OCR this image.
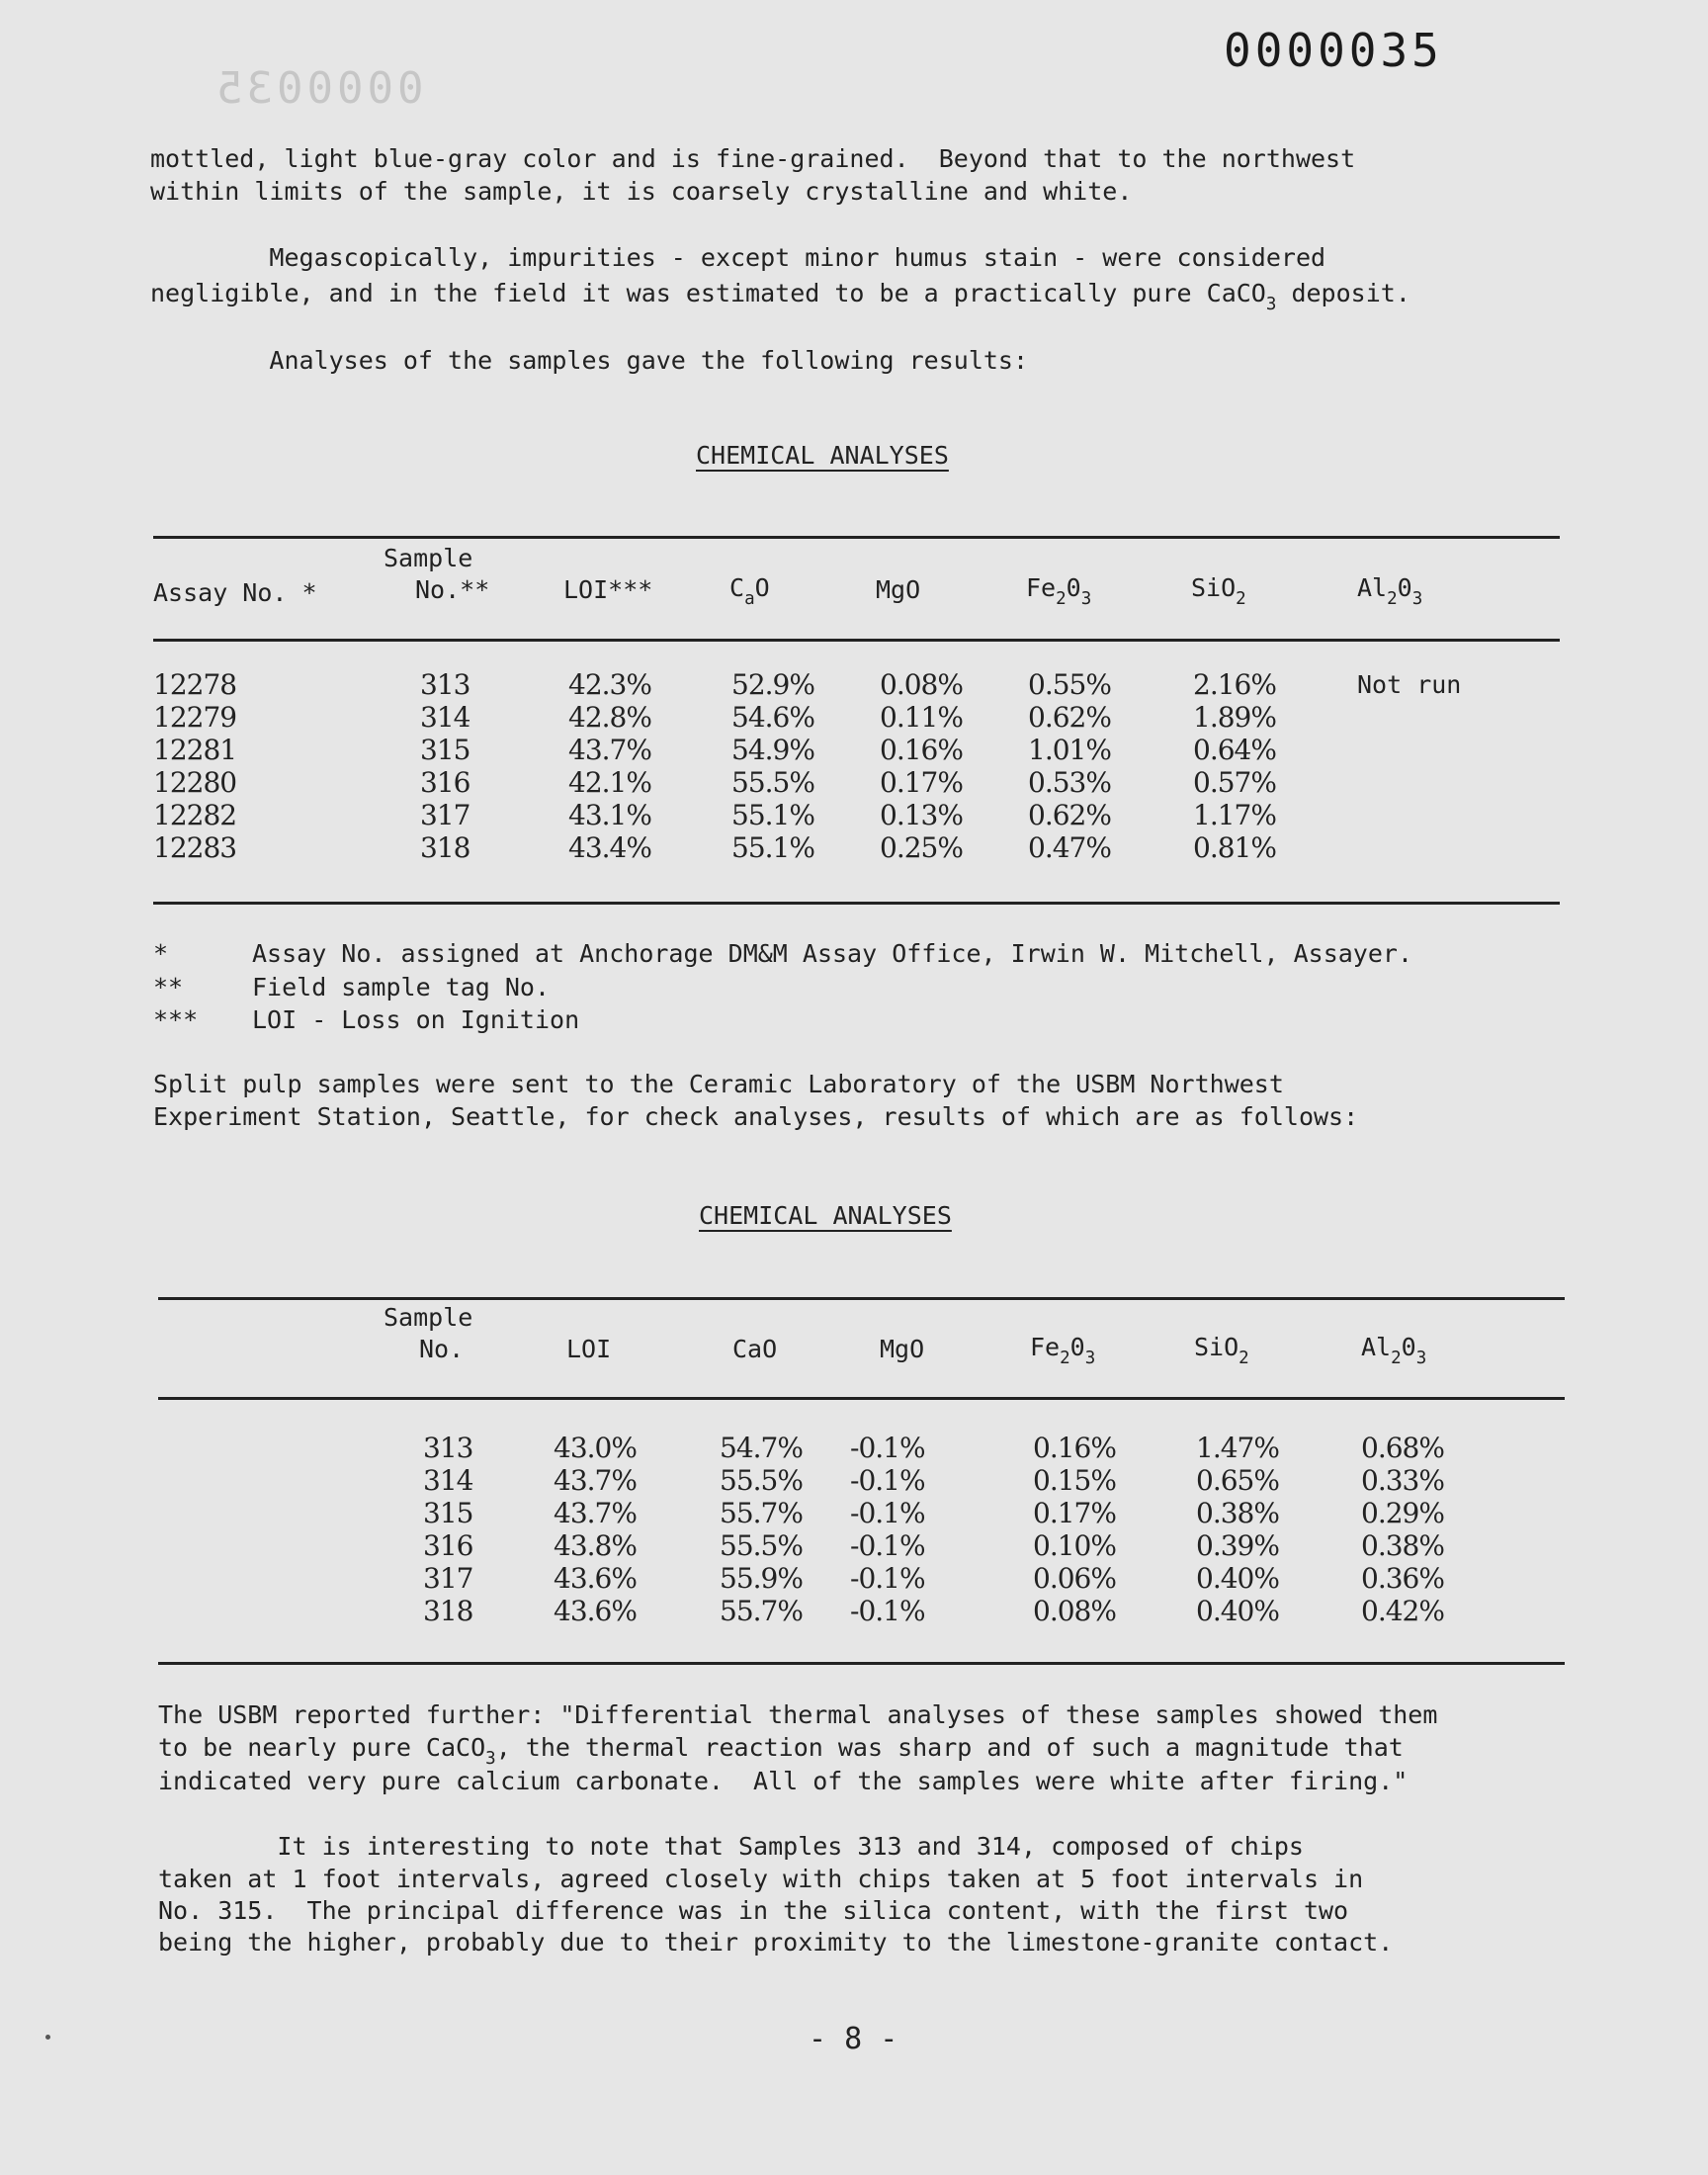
0000035
0000035
mottled, light blue-gray color and is fine-grained.  Beyond that to the northwest
within limits of the sample, it is coarsely crystalline and white.
Megascopically, impurities - except minor humus stain - were considered
negligible, and in the field it was estimated to be a practically pure CaCO$_3$ deposit.
Analyses of the samples gave the following results:
CHEMICAL ANALYSES
Assay No. *
Sample
No.**	LOI***	$C_aO$	MgO	$Fe_20_3$	SiO$_2$	$Al_20_3$
12278	313	42.3%	52.9% 0.08% 0.55%	2.16%	Not run
12279	314	42.8%	54.6% 0.11% 0.62%	1.89%
12281	315	43.7%	54.9% 0.16% 1.01%	0.64%
12280	316	42.1%	55.5% 0.17% 0.53%	0.57%
12282	317	43.1%	55.1% 0.13% 0.62%	1.17%
12283	318	43.4%	55.1% 0.25% 0.47%	0.81%
*	Assay No. assigned at Anchorage DM&M Assay Office, Irwin W. Mitchell, Assayer.
**	Field sample tag No.
*** LOI - Loss on Ignition
Split pulp samples were sent to the Ceramic Laboratory of the USBM Northwest
Experiment Station, Seattle, for check analyses, results of which are as follows:
CHEMICAL ANALYSES
Sample
No.	LOI	CaO	MgO	$Fe_20_3$	SiO$_2$	$Al_20_3$
313	43.0%	54.7% -0.1%	0.16%	1.47%	0.68%
314	43.7%	55.5% -0.1%	0.15%	0.65%	0.33%
315	43.7%	55.7% -0.1%	0.17%	0.38%	0.29%
316	43.8%	55.5% -0.1%	0.10%	0.39%	0.38%
317	43.6%	55.9% -0.1%	0.06%	0.40%	0.36%
318	43.6%	55.7% -0.1%	0.08%	0.40%	0.42%
The USBM reported further: "Differential thermal analyses of these samples showed them
to be nearly pure CaCO$_3$, the thermal reaction was sharp and of such a magnitude that
indicated very pure calcium carbonate.  All of the samples were white after firing."
It is interesting to note that Samples 313 and 314, composed of chips
taken at 1 foot intervals, agreed closely with chips taken at 5 foot intervals in
No. 315.  The principal difference was in the silica content, with the first two
being the higher, probably due to their proximity to the limestone-granite contact.
- 8 -
